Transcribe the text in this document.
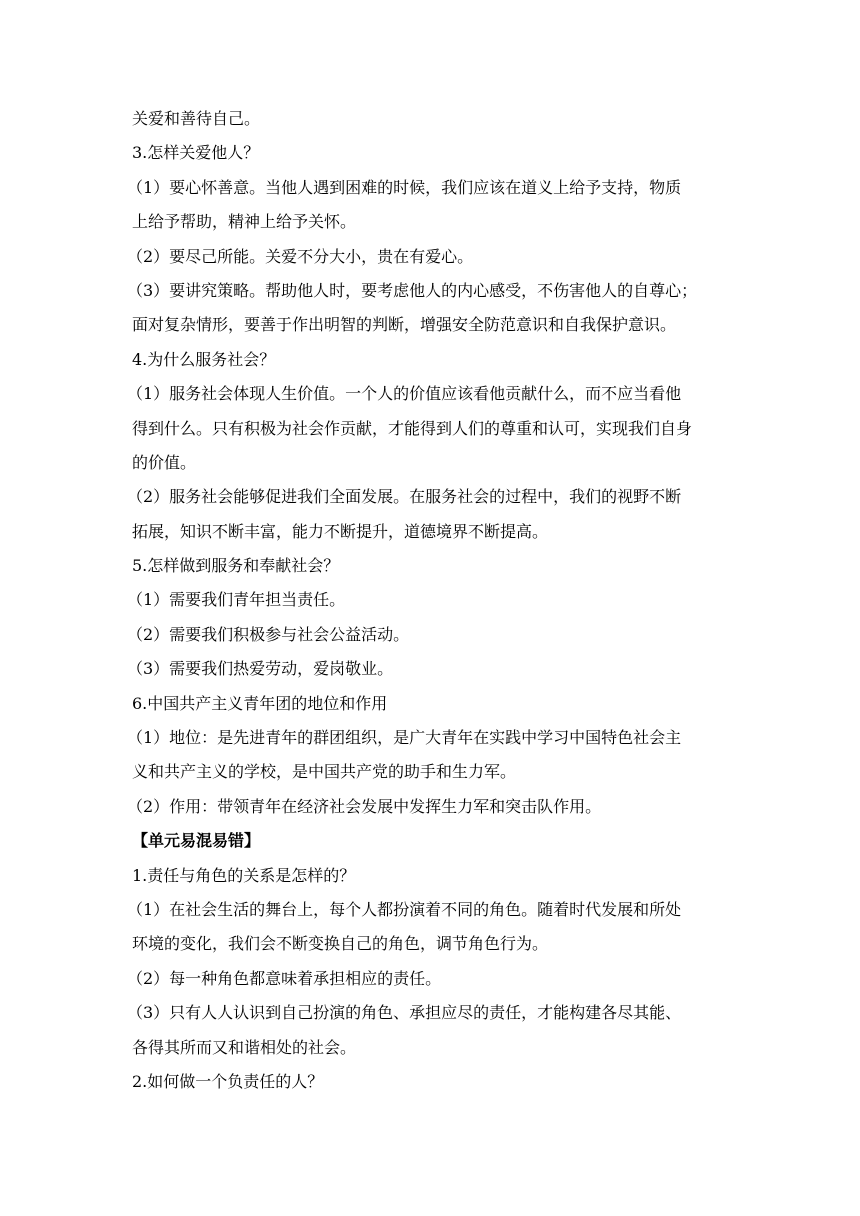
关爱和善待自己。
3.怎样关爱他人？
（1）要心怀善意。当他人遇到困难的时候，我们应该在道义上给予支持，物质
上给予帮助，精神上给予关怀。
（2）要尽己所能。关爱不分大小，贵在有爱心。
（3）要讲究策略。帮助他人时，要考虑他人的内心感受，不伤害他人的自尊心；
面对复杂情形，要善于作出明智的判断，增强安全防范意识和自我保护意识。
4.为什么服务社会？
（1）服务社会体现人生价值。一个人的价值应该看他贡献什么，而不应当看他
得到什么。只有积极为社会作贡献，才能得到人们的尊重和认可，实现我们自身
的价值。
（2）服务社会能够促进我们全面发展。在服务社会的过程中，我们的视野不断
拓展，知识不断丰富，能力不断提升，道德境界不断提高。
5.怎样做到服务和奉献社会？
（1）需要我们青年担当责任。
（2）需要我们积极参与社会公益活动。
（3）需要我们热爱劳动，爱岗敬业。
6.中国共产主义青年团的地位和作用
（1）地位：是先进青年的群团组织，是广大青年在实践中学习中国特色社会主
义和共产主义的学校，是中国共产党的助手和生力军。
（2）作用：带领青年在经济社会发展中发挥生力军和突击队作用。
【单元易混易错】
1.责任与角色的关系是怎样的？
（1）在社会生活的舞台上，每个人都扮演着不同的角色。随着时代发展和所处
环境的变化，我们会不断变换自己的角色，调节角色行为。
（2）每一种角色都意味着承担相应的责任。
（3）只有人人认识到自己扮演的角色、承担应尽的责任，才能构建各尽其能、
各得其所而又和谐相处的社会。
2.如何做一个负责任的人？
